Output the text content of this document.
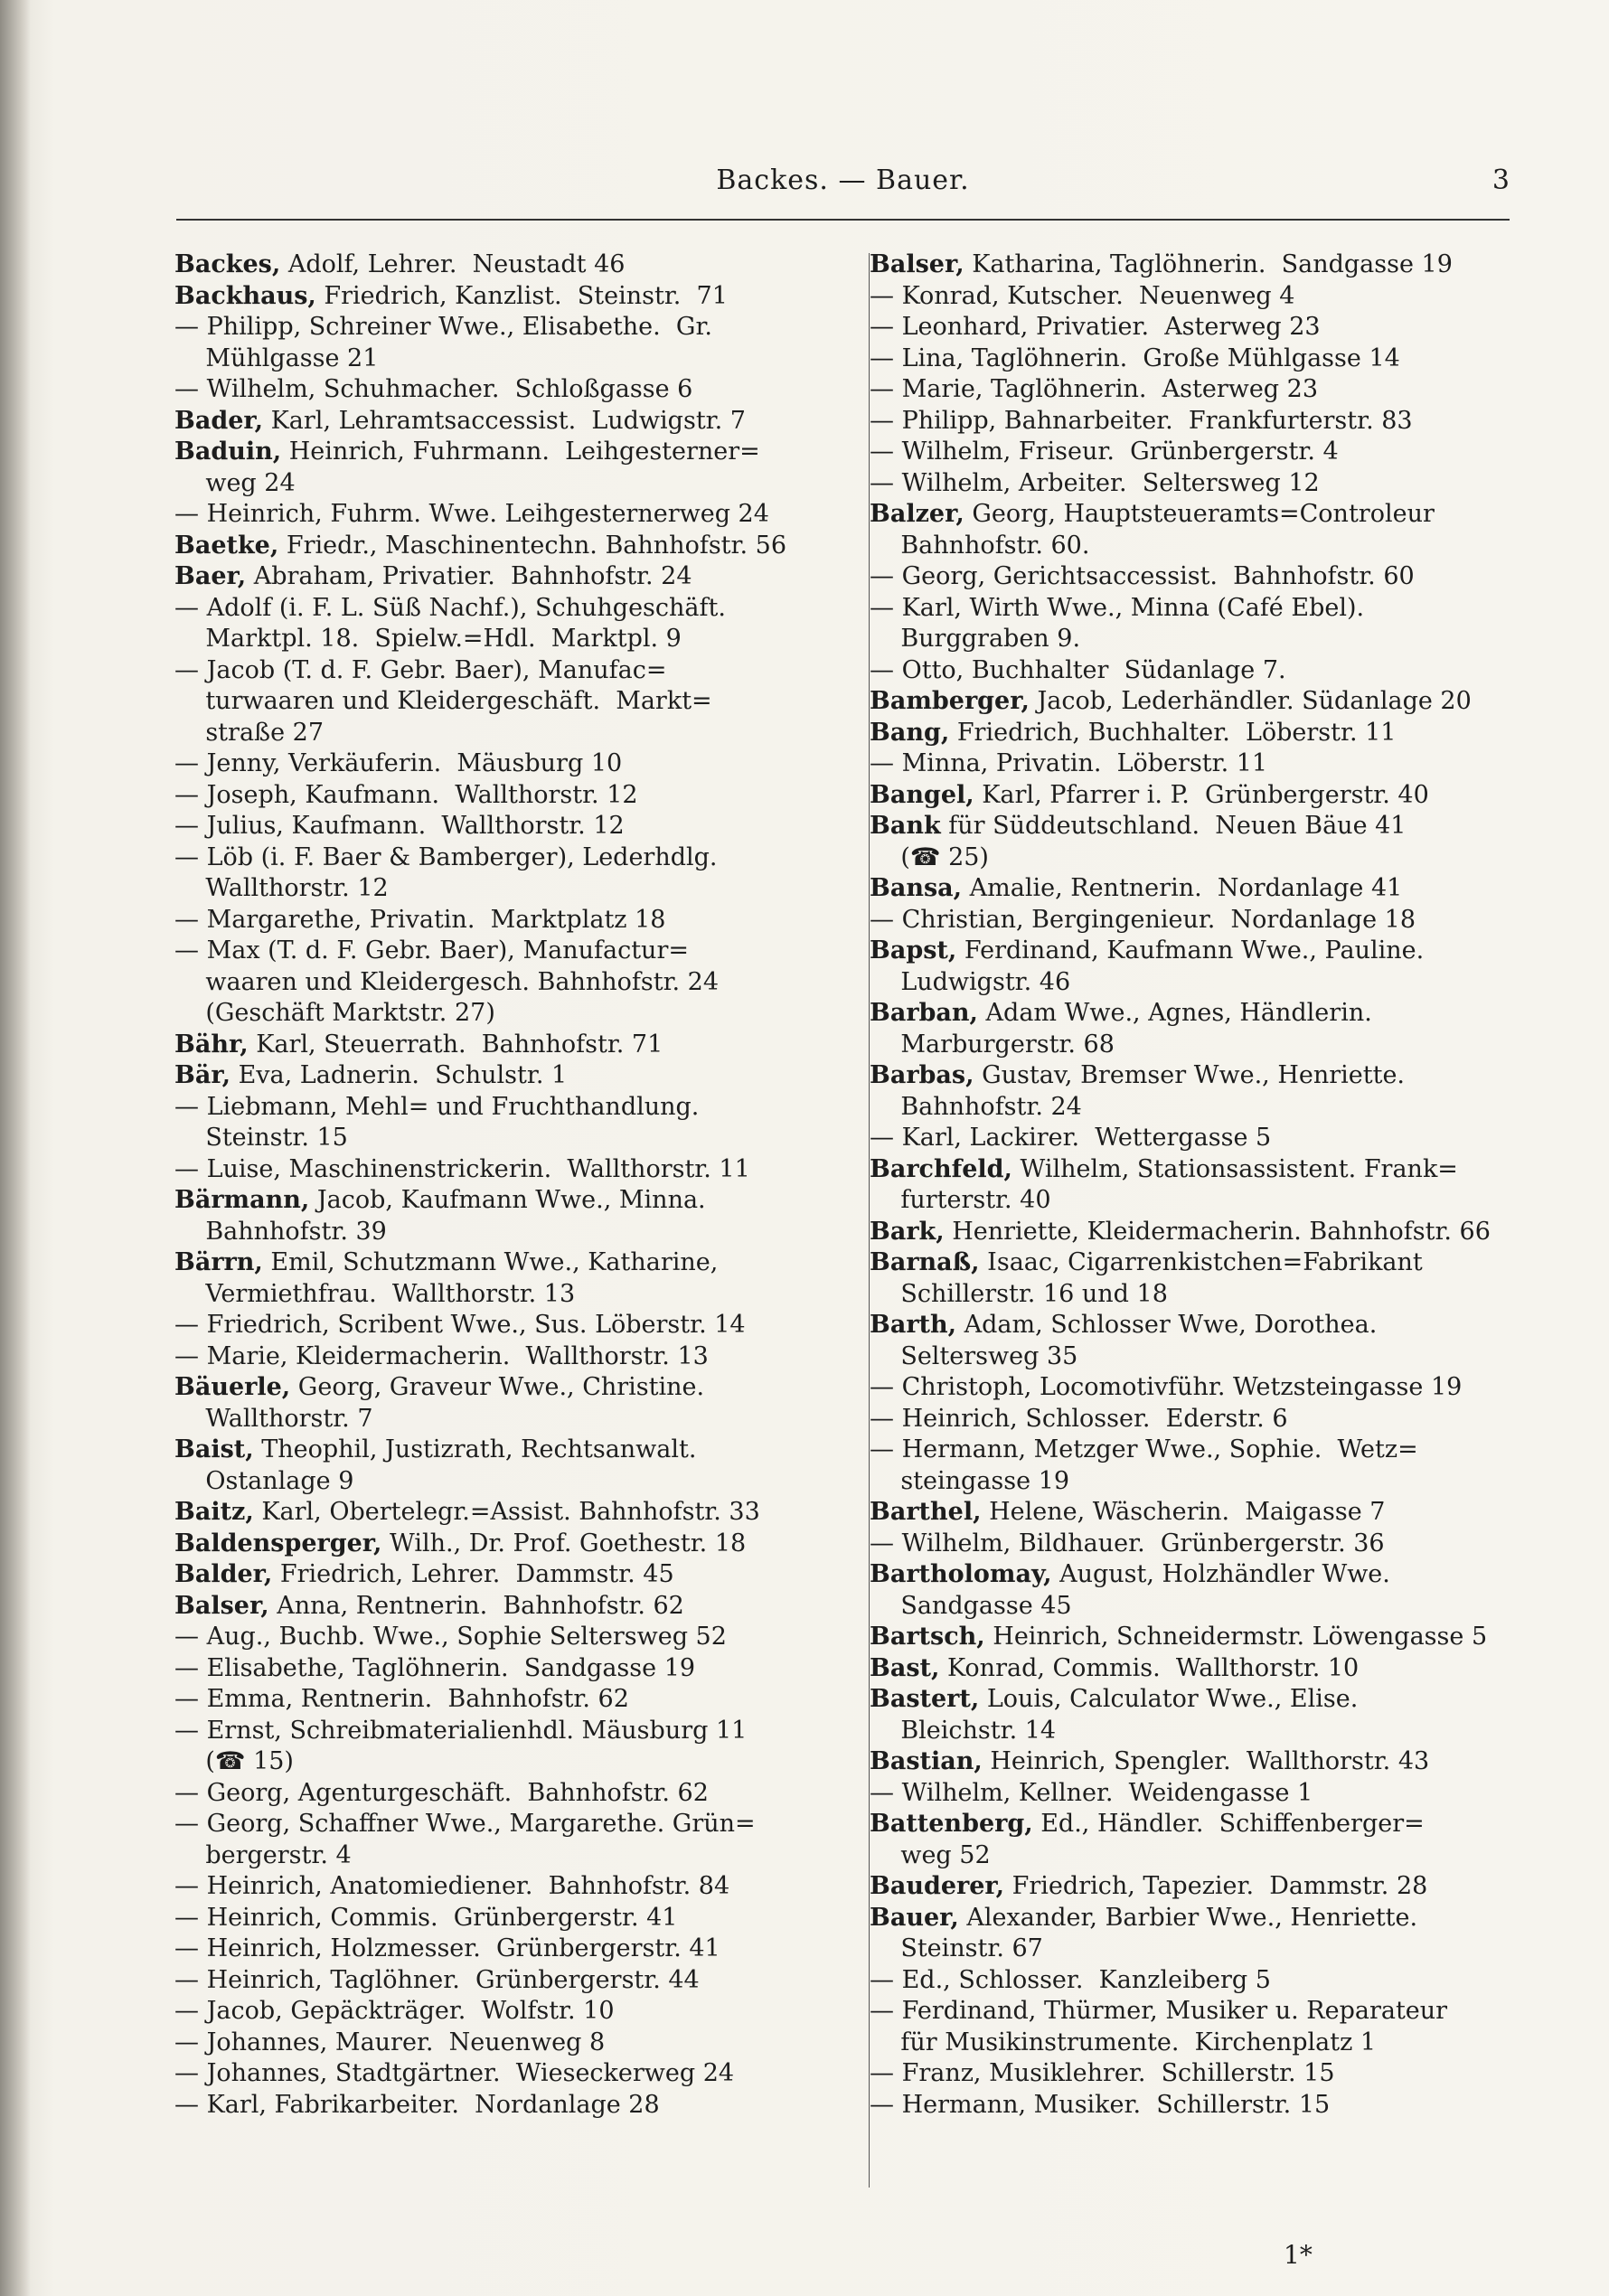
Backes. — Bauer.	3
Backes, Adolf, Lehrer.  Neustadt 46
Backhaus, Friedrich, Kanzlist.  Steinstr.  71
— Philipp, Schreiner Wwe., Elisabethe.  Gr.
Mühlgasse 21
— Wilhelm, Schuhmacher.  Schloßgasse 6
Bader, Karl, Lehramtsaccessist.  Ludwigstr. 7
Baduin, Heinrich, Fuhrmann.  Leihgesterner=
weg 24
— Heinrich, Fuhrm. Wwe. Leihgesternerweg 24
Baetke, Friedr., Maschinentechn. Bahnhofstr. 56
Baer, Abraham, Privatier.  Bahnhofstr. 24
— Adolf (i. F. L. Süß Nachf.), Schuhgeschäft.
Marktpl. 18.  Spielw.=Hdl.  Marktpl. 9
— Jacob (T. d. F. Gebr. Baer), Manufac=
turwaaren und Kleidergeschäft.  Markt=
straße 27
— Jenny, Verkäuferin.  Mäusburg 10
— Joseph, Kaufmann.  Wallthorstr. 12
— Julius, Kaufmann.  Wallthorstr. 12
— Löb (i. F. Baer & Bamberger), Lederhdlg.
Wallthorstr. 12
— Margarethe, Privatin.  Marktplatz 18
— Max (T. d. F. Gebr. Baer), Manufactur=
waaren und Kleidergesch. Bahnhofstr. 24
(Geschäft Marktstr. 27)
Bähr, Karl, Steuerrath.  Bahnhofstr. 71
Bär, Eva, Ladnerin.  Schulstr. 1
— Liebmann, Mehl= und Fruchthandlung.
Steinstr. 15
— Luise, Maschinenstrickerin.  Wallthorstr. 11
Bärmann, Jacob, Kaufmann Wwe., Minna.
Bahnhofstr. 39
Bärrn, Emil, Schutzmann Wwe., Katharine,
Vermiethfrau.  Wallthorstr. 13
— Friedrich, Scribent Wwe., Sus. Löberstr. 14
— Marie, Kleidermacherin.  Wallthorstr. 13
Bäuerle, Georg, Graveur Wwe., Christine.
Wallthorstr. 7
Baist, Theophil, Justizrath, Rechtsanwalt.
Ostanlage 9
Baitz, Karl, Obertelegr.=Assist. Bahnhofstr. 33
Baldensperger, Wilh., Dr. Prof. Goethestr. 18
Balder, Friedrich, Lehrer.  Dammstr. 45
Balser, Anna, Rentnerin.  Bahnhofstr. 62
— Aug., Buchb. Wwe., Sophie Seltersweg 52
— Elisabethe, Taglöhnerin.  Sandgasse 19
— Emma, Rentnerin.  Bahnhofstr. 62
— Ernst, Schreibmaterialienhdl. Mäusburg 11
(☎ 15)
— Georg, Agenturgeschäft.  Bahnhofstr. 62
— Georg, Schaffner Wwe., Margarethe. Grün=
bergerstr. 4
— Heinrich, Anatomiediener.  Bahnhofstr. 84
— Heinrich, Commis.  Grünbergerstr. 41
— Heinrich, Holzmesser.  Grünbergerstr. 41
— Heinrich, Taglöhner.  Grünbergerstr. 44
— Jacob, Gepäckträger.  Wolfstr. 10
— Johannes, Maurer.  Neuenweg 8
— Johannes, Stadtgärtner.  Wieseckerweg 24
— Karl, Fabrikarbeiter.  Nordanlage 28
Balser, Katharina, Taglöhnerin.  Sandgasse 19
— Konrad, Kutscher.  Neuenweg 4
— Leonhard, Privatier.  Asterweg 23
— Lina, Taglöhnerin.  Große Mühlgasse 14
— Marie, Taglöhnerin.  Asterweg 23
— Philipp, Bahnarbeiter.  Frankfurterstr. 83
— Wilhelm, Friseur.  Grünbergerstr. 4
— Wilhelm, Arbeiter.  Seltersweg 12
Balzer, Georg, Hauptsteueramts=Controleur
Bahnhofstr. 60.
— Georg, Gerichtsaccessist.  Bahnhofstr. 60
— Karl, Wirth Wwe., Minna (Café Ebel).
Burggraben 9.
— Otto, Buchhalter  Südanlage 7.
Bamberger, Jacob, Lederhändler. Südanlage 20
Bang, Friedrich, Buchhalter.  Löberstr. 11
— Minna, Privatin.  Löberstr. 11
Bangel, Karl, Pfarrer i. P.  Grünbergerstr. 40
Bank für Süddeutschland.  Neuen Bäue 41
(☎ 25)
Bansa, Amalie, Rentnerin.  Nordanlage 41
— Christian, Bergingenieur.  Nordanlage 18
Bapst, Ferdinand, Kaufmann Wwe., Pauline.
Ludwigstr. 46
Barban, Adam Wwe., Agnes, Händlerin.
Marburgerstr. 68
Barbas, Gustav, Bremser Wwe., Henriette.
Bahnhofstr. 24
— Karl, Lackirer.  Wettergasse 5
Barchfeld, Wilhelm, Stationsassistent. Frank=
furterstr. 40
Bark, Henriette, Kleidermacherin. Bahnhofstr. 66
Barnaß, Isaac, Cigarrenkistchen=Fabrikant
Schillerstr. 16 und 18
Barth, Adam, Schlosser Wwe, Dorothea.
Seltersweg 35
— Christoph, Locomotivführ. Wetzsteingasse 19
— Heinrich, Schlosser.  Ederstr. 6
— Hermann, Metzger Wwe., Sophie.  Wetz=
steingasse 19
Barthel, Helene, Wäscherin.  Maigasse 7
— Wilhelm, Bildhauer.  Grünbergerstr. 36
Bartholomay, August, Holzhändler Wwe.
Sandgasse 45
Bartsch, Heinrich, Schneidermstr. Löwengasse 5
Bast, Konrad, Commis.  Wallthorstr. 10
Bastert, Louis, Calculator Wwe., Elise.
Bleichstr. 14
Bastian, Heinrich, Spengler.  Wallthorstr. 43
— Wilhelm, Kellner.  Weidengasse 1
Battenberg, Ed., Händler.  Schiffenberger=
weg 52
Bauderer, Friedrich, Tapezier.  Dammstr. 28
Bauer, Alexander, Barbier Wwe., Henriette.
Steinstr. 67
— Ed., Schlosser.  Kanzleiberg 5
— Ferdinand, Thürmer, Musiker u. Reparateur
für Musikinstrumente.  Kirchenplatz 1
— Franz, Musiklehrer.  Schillerstr. 15
— Hermann, Musiker.  Schillerstr. 15
1*
